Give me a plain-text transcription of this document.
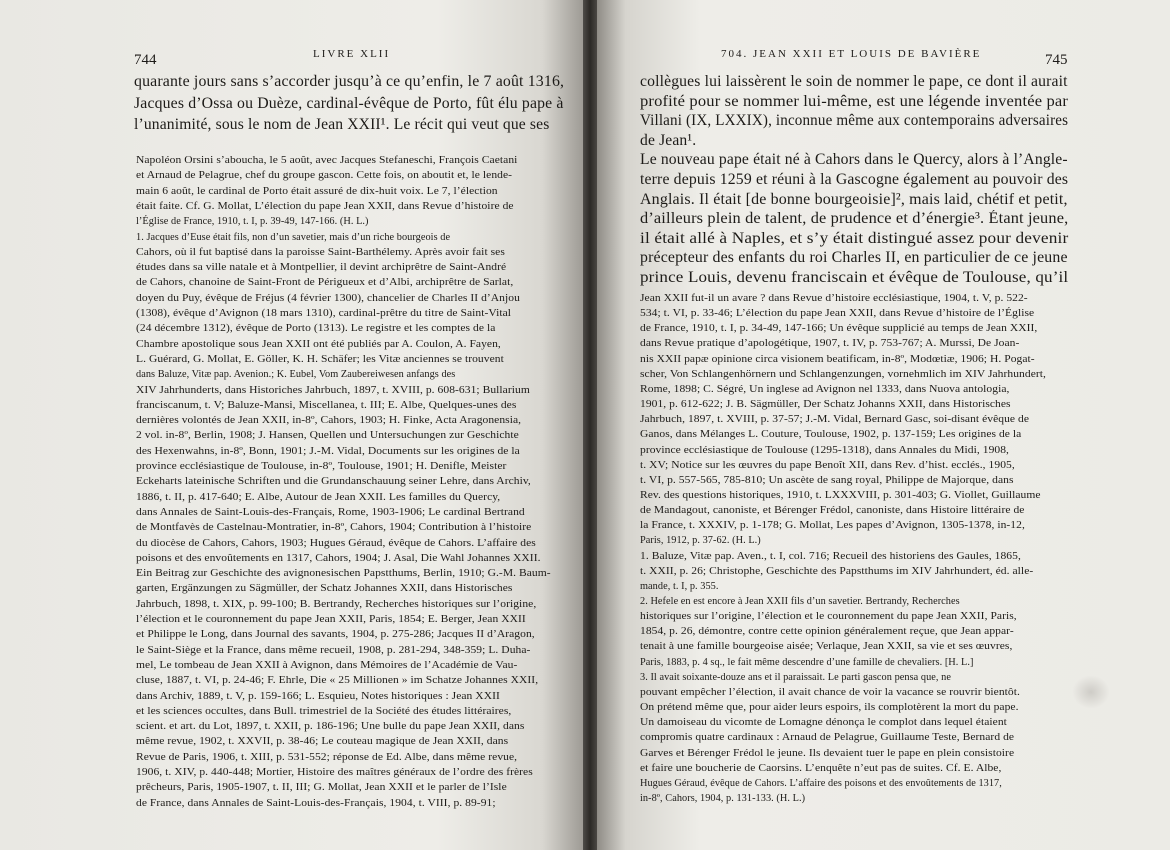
744	LIVRE XLII
quarante jours sans s’accorder jusqu’à ce qu’enfin, le 7 août 1316,
Jacques d’Ossa ou Duèze, cardinal-évêque de Porto, fût élu pape à
l’unanimité, sous le nom de Jean XXII¹. Le récit qui veut que ses
Napoléon Orsini s’aboucha, le 5 août, avec Jacques Stefaneschi, François Caetani
et Arnaud de Pelagrue, chef du groupe gascon. Cette fois, on aboutit et, le lende-
main 6 août, le cardinal de Porto était assuré de dix-huit voix. Le 7, l’élection
était faite. Cf. G. Mollat, L’élection du pape Jean XXII, dans Revue d’histoire de
l’Église de France, 1910, t. I, p. 39-49, 147-166. (H. L.)
1. Jacques d’Euse était fils, non d’un savetier, mais d’un riche bourgeois de
Cahors, où il fut baptisé dans la paroisse Saint-Barthélemy. Après avoir fait ses
études dans sa ville natale et à Montpellier, il devint archiprêtre de Saint-André
de Cahors, chanoine de Saint-Front de Périgueux et d’Albi, archiprêtre de Sarlat,
doyen du Puy, évêque de Fréjus (4 février 1300), chancelier de Charles II d’Anjou
(1308), évêque d’Avignon (18 mars 1310), cardinal-prêtre du titre de Saint-Vital
(24 décembre 1312), évêque de Porto (1313). Le registre et les comptes de la
Chambre apostolique sous Jean XXII ont été publiés par A. Coulon, A. Fayen,
L. Guérard, G. Mollat, E. Göller, K. H. Schäfer; les Vitæ anciennes se trouvent
dans Baluze, Vitæ pap. Avenion.; K. Eubel, Vom Zaubereiwesen anfangs des
XIV Jahrhunderts, dans Historiches Jahrbuch, 1897, t. XVIII, p. 608-631; Bullarium
franciscanum, t. V; Baluze-Mansi, Miscellanea, t. III; E. Albe, Quelques-unes des
dernières volontés de Jean XXII, in-8º, Cahors, 1903; H. Finke, Acta Aragonensia,
2 vol. in-8º, Berlin, 1908; J. Hansen, Quellen und Untersuchungen zur Geschichte
des Hexenwahns, in-8º, Bonn, 1901; J.-M. Vidal, Documents sur les origines de la
province ecclésiastique de Toulouse, in-8º, Toulouse, 1901; H. Denifle, Meister
Eckeharts lateinische Schriften und die Grundanschauung seiner Lehre, dans Archiv,
1886, t. II, p. 417-640; E. Albe, Autour de Jean XXII. Les familles du Quercy,
dans Annales de Saint-Louis-des-Français, Rome, 1903-1906; Le cardinal Bertrand
de Montfavès de Castelnau-Montratier, in-8º, Cahors, 1904; Contribution à l’histoire
du diocèse de Cahors, Cahors, 1903; Hugues Géraud, évêque de Cahors. L’affaire des
poisons et des envoûtements en 1317, Cahors, 1904; J. Asal, Die Wahl Johannes XXII.
Ein Beitrag zur Geschichte des avignonesischen Papstthums, Berlin, 1910; G.-M. Baum-
garten, Ergänzungen zu Sägmüller, der Schatz Johannes XXII, dans Historisches
Jahrbuch, 1898, t. XIX, p. 99-100; B. Bertrandy, Recherches historiques sur l’origine,
l’élection et le couronnement du pape Jean XXII, Paris, 1854; E. Berger, Jean XXII
et Philippe le Long, dans Journal des savants, 1904, p. 275-286; Jacques II d’Aragon,
le Saint-Siège et la France, dans même recueil, 1908, p. 281-294, 348-359; L. Duha-
mel, Le tombeau de Jean XXII à Avignon, dans Mémoires de l’Académie de Vau-
cluse, 1887, t. VI, p. 24-46; F. Ehrle, Die « 25 Millionen » im Schatze Johannes XXII,
dans Archiv, 1889, t. V, p. 159-166; L. Esquieu, Notes historiques : Jean XXII
et les sciences occultes, dans Bull. trimestriel de la Société des études littéraires,
scient. et art. du Lot, 1897, t. XXII, p. 186-196; Une bulle du pape Jean XXII, dans
même revue, 1902, t. XXVII, p. 38-46; Le couteau magique de Jean XXII, dans
Revue de Paris, 1906, t. XIII, p. 531-552; réponse de Ed. Albe, dans même revue,
1906, t. XIV, p. 440-448; Mortier, Histoire des maîtres généraux de l’ordre des frères
prêcheurs, Paris, 1905-1907, t. II, III; G. Mollat, Jean XXII et le parler de l’Isle
de France, dans Annales de Saint-Louis-des-Français, 1904, t. VIII, p. 89-91;
704. JEAN XXII ET LOUIS DE BAVIÈRE	745
collègues lui laissèrent le soin de nommer le pape, ce dont il aurait
profité pour se nommer lui-même, est une légende inventée par
Villani (IX, LXXIX), inconnue même aux contemporains adversaires
de Jean¹.
Le nouveau pape était né à Cahors dans le Quercy, alors à l’Angle-
terre depuis 1259 et réuni à la Gascogne également au pouvoir des
Anglais. Il était [de bonne bourgeoisie]², mais laid, chétif et petit,
d’ailleurs plein de talent, de prudence et d’énergie³. Étant jeune,
il était allé à Naples, et s’y était distingué assez pour devenir
précepteur des enfants du roi Charles II, en particulier de ce jeune
prince Louis, devenu franciscain et évêque de Toulouse, qu’il
Jean XXII fut-il un avare ? dans Revue d’histoire ecclésiastique, 1904, t. V, p. 522-
534; t. VI, p. 33-46; L’élection du pape Jean XXII, dans Revue d’histoire de l’Église
de France, 1910, t. I, p. 34-49, 147-166; Un évêque supplicié au temps de Jean XXII,
dans Revue pratique d’apologétique, 1907, t. IV, p. 753-767; A. Murssi, De Joan-
nis XXII papæ opinione circa visionem beatificam, in-8º, Modœtiæ, 1906; H. Pogat-
scher, Von Schlangenhörnern und Schlangenzungen, vornehmlich im XIV Jahrhundert,
Rome, 1898; C. Ségré, Un inglese ad Avignon nel 1333, dans Nuova antologia,
1901, p. 612-622; J. B. Sägmüller, Der Schatz Johanns XXII, dans Historisches
Jahrbuch, 1897, t. XVIII, p. 37-57; J.-M. Vidal, Bernard Gasc, soi-disant évêque de
Ganos, dans Mélanges L. Couture, Toulouse, 1902, p. 137-159; Les origines de la
province ecclésiastique de Toulouse (1295-1318), dans Annales du Midi, 1908,
t. XV; Notice sur les œuvres du pape Benoît XII, dans Rev. d’hist. ecclés., 1905,
t. VI, p. 557-565, 785-810; Un ascète de sang royal, Philippe de Majorque, dans
Rev. des questions historiques, 1910, t. LXXXVIII, p. 301-403; G. Viollet, Guillaume
de Mandagout, canoniste, et Bérenger Frédol, canoniste, dans Histoire littéraire de
la France, t. XXXIV, p. 1-178; G. Mollat, Les papes d’Avignon, 1305-1378, in-12,
Paris, 1912, p. 37-62. (H. L.)
1. Baluze, Vitæ pap. Aven., t. I, col. 716; Recueil des historiens des Gaules, 1865,
t. XXII, p. 26; Christophe, Geschichte des Papstthums im XIV Jahrhundert, éd. alle-
mande, t. I, p. 355.
2. Hefele en est encore à Jean XXII fils d’un savetier. Bertrandy, Recherches
historiques sur l’origine, l’élection et le couronnement du pape Jean XXII, Paris,
1854, p. 26, démontre, contre cette opinion généralement reçue, que Jean appar-
tenait à une famille bourgeoise aisée; Verlaque, Jean XXII, sa vie et ses œuvres,
Paris, 1883, p. 4 sq., le fait même descendre d’une famille de chevaliers. [H. L.]
3. Il avait soixante-douze ans et il paraissait. Le parti gascon pensa que, ne
pouvant empêcher l’élection, il avait chance de voir la vacance se rouvrir bientôt.
On prétend même que, pour aider leurs espoirs, ils complotèrent la mort du pape.
Un damoiseau du vicomte de Lomagne dénonça le complot dans lequel étaient
compromis quatre cardinaux : Arnaud de Pelagrue, Guillaume Teste, Bernard de
Garves et Bérenger Frédol le jeune. Ils devaient tuer le pape en plein consistoire
et faire une boucherie de Caorsins. L’enquête n’eut pas de suites. Cf. E. Albe,
Hugues Géraud, évêque de Cahors. L’affaire des poisons et des envoûtements de 1317,
in-8º, Cahors, 1904, p. 131-133. (H. L.)
